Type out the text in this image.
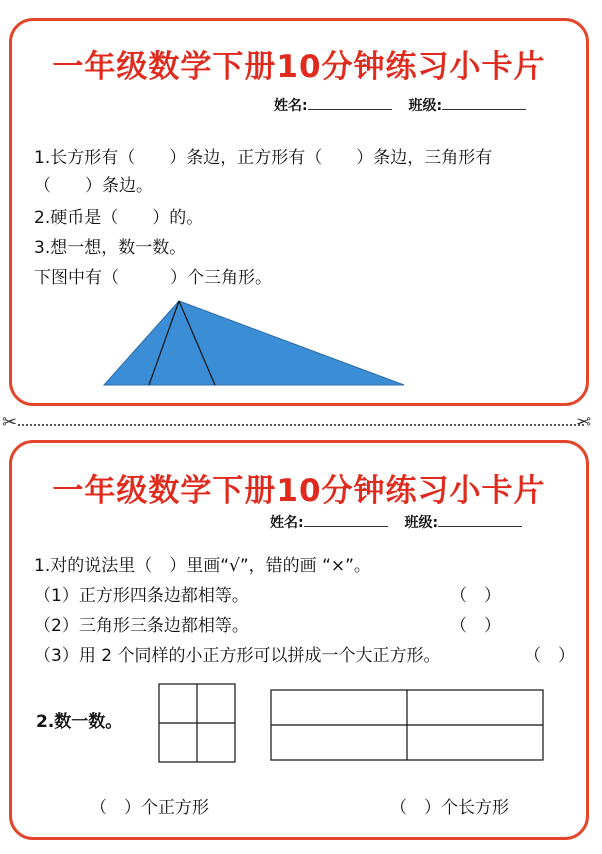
一年级数学下册10分钟练习小卡片
姓名:	班级:
1.长方形有（　　）条边，正方形有（　　）条边，三角形有
（　　）条边。
2.硬币是（　　）的。
3.想一想，数一数。
下图中有（　　　）个三角形。
✂	✂
一年级数学下册10分钟练习小卡片
姓名:	班级:
1.对的说法里（　）里画“√”，错的画 “×”。
（1）正方形四条边都相等。	（　）
（2）三角形三条边都相等。	（　）
（3）用 2 个同样的小正方形可以拼成一个大正方形。	（　）
2.数一数。
（　）个正方形	（　）个长方形
